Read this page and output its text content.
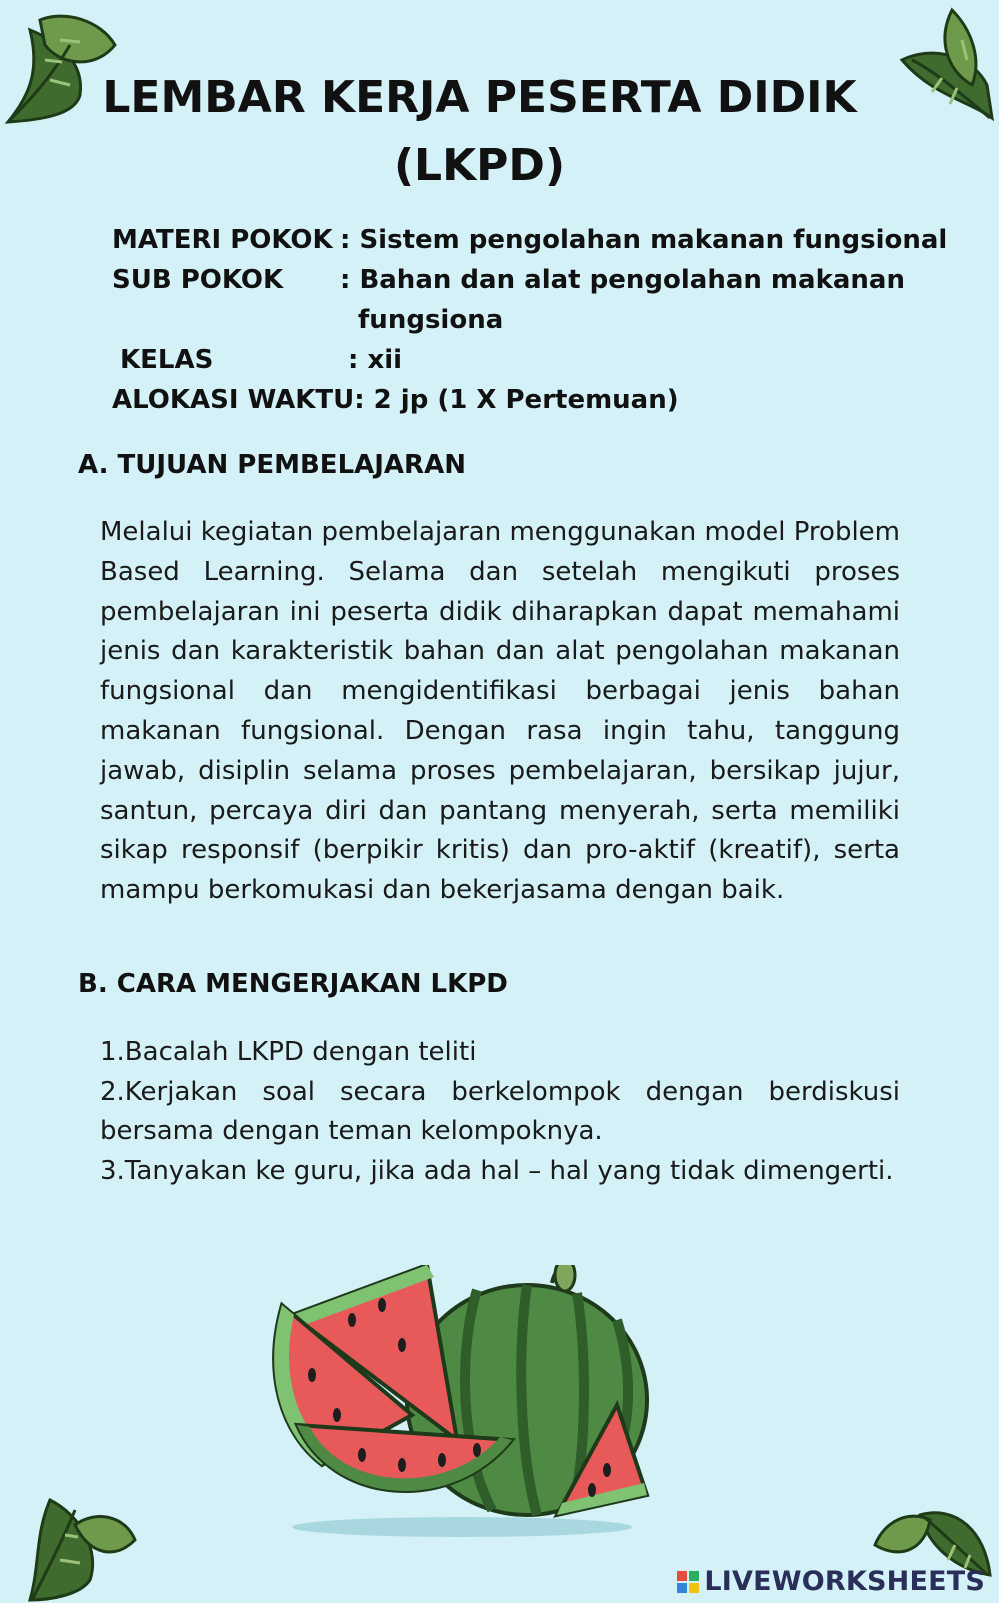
LEMBAR KERJA PESERTA DIDIK
(LKPD)
MATERI POKOK : Sistem pengolahan makanan fungsional
SUB POKOK : Bahan dan alat pengolahan makanan
fungsiona
KELAS	: xii
ALOKASI WAKTU: 2 jp (1 X Pertemuan)
A. TUJUAN PEMBELAJARAN

Melalui kegiatan pembelajaran menggunakan model Problem Based Learning. Selama dan setelah mengikuti proses pembelajaran ini peserta didik diharapkan dapat memahami jenis dan karakteristik bahan dan alat pengolahan makanan fungsional dan mengidentifikasi berbagai jenis bahan makanan fungsional. Dengan rasa ingin tahu, tanggung jawab, disiplin selama proses pembelajaran, bersikap jujur, santun, percaya diri dan pantang menyerah, serta memiliki sikap responsif (berpikir kritis) dan pro-aktif (kreatif), serta mampu berkomukasi dan bekerjasama dengan baik.

B. CARA MENGERJAKAN LKPD

1.Bacalah LKPD dengan teliti

2.Kerjakan soal secara berkelompok dengan berdiskusi bersama dengan teman kelompoknya.

3.Tanyakan ke guru, jika ada hal – hal yang tidak dimengerti.

LIVEWORKSHEETS
